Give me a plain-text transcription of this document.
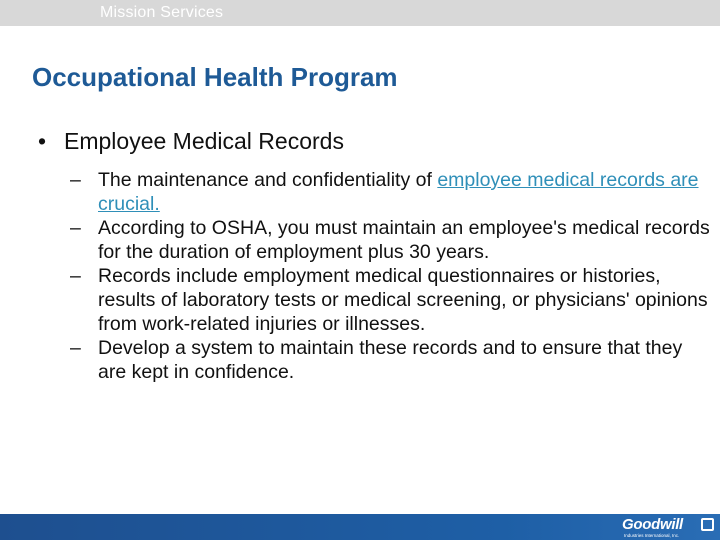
Mission Services
Occupational Health Program
• Employee Medical Records
– The maintenance and confidentiality of employee medical records are crucial.
– According to OSHA, you must maintain an employee's medical records for the duration of employment plus 30 years.
– Records include employment medical questionnaires or histories, results of laboratory tests or medical screening, or physicians' opinions from work-related injuries or illnesses.
– Develop a system to maintain these records and to ensure that they are kept in confidence.
Goodwill
Industries International, Inc.
